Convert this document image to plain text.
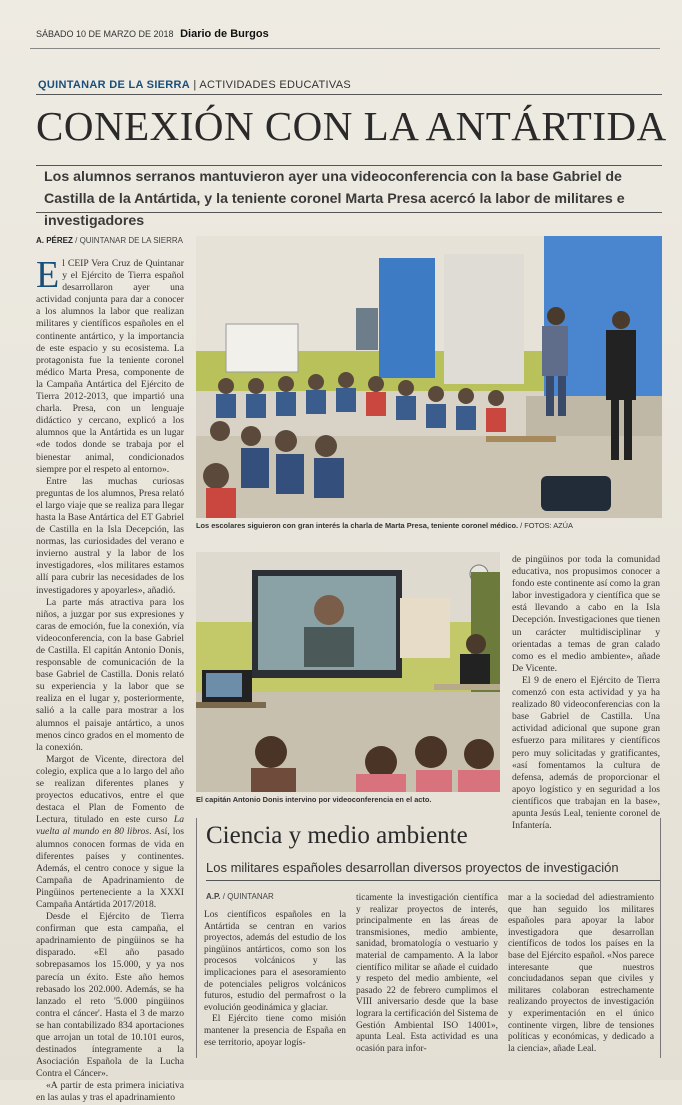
SÁBADO 10 DE MARZO DE 2018 Diario de Burgos
QUINTANAR DE LA SIERRA | ACTIVIDADES EDUCATIVAS
CONEXIÓN CON LA ANTÁRTIDA
Los alumnos serranos mantuvieron ayer una videoconferencia con la base Gabriel de Castilla de la Antártida, y la teniente coronel Marta Presa acercó la labor de militares e investigadores
A. PÉREZ / QUINTANAR DE LA SIERRA

El CEIP Vera Cruz de Quintanar y el Ejército de Tierra español desarrollaron ayer una actividad conjunta para dar a conocer a los alumnos la labor que realizan militares y científicos españoles en el continente antártico, y la importancia de este espacio y su ecosistema. La protagonista fue la teniente coronel médico Marta Presa, componente de la Campaña Antártica del Ejército de Tierra 2012-2013, que impartió una charla. Presa, con un lenguaje didáctico y cercano, explicó a los alumnos que la Antártida es un lugar «de todos donde se trabaja por el bienestar animal, condicionados siempre por el respeto al entorno».

Entre las muchas curiosas preguntas de los alumnos, Presa relató el largo viaje que se realiza para llegar hasta la Base Antártica del ET Gabriel de Castilla en la Isla Decepción, las normas, las curiosidades del verano e invierno austral y la labor de los investigadores, «los militares estamos allí para cubrir las necesidades de los investigadores y apoyarles», añadió.

La parte más atractiva para los niños, a juzgar por sus expresiones y caras de emoción, fue la conexión, vía videoconferencia, con la base Gabriel de Castilla. El capitán Antonio Donis, responsable de comunicación de la base Gabriel de Castilla. Donis relató su experiencia y la labor que se realiza en el lugar y, posteriormente, salió a la calle para mostrar a los alumnos el paisaje antártico, a unos menos cinco grados en el momento de la conexión.

Margot de Vicente, directora del colegio, explica que a lo largo del año se realizan diferentes planes y proyectos educativos, entre el que destaca el Plan de Fomento de Lectura, titulado en este curso La vuelta al mundo en 80 libros. Así, los alumnos conocen formas de vida en diferentes países y continentes. Además, el centro conoce y sigue la Campaña de Apadrinamiento de Pingüinos perteneciente a la XXXI Campaña Antártida 2017/2018.

Desde el Ejército de Tierra confirman que esta campaña, el apadrinamiento de pingüinos se ha disparado. «El año pasado sobrepasamos los 15.000, y ya nos parecía un éxito. Este año hemos rebasado los 202.000. Además, se ha lanzado el reto '5.000 pingüinos contra el cáncer'. Hasta el 3 de marzo se han contabilizado 834 aportaciones que arrojan un total de 10.101 euros, destinados íntegramente a la Asociación Española de la Lucha Contra el Cáncer».

«A partir de esta primera iniciativa en las aulas y tras el apadrinamiento

Los escolares siguieron con gran interés la charla de Marta Presa, teniente coronel médico. / FOTOS: AZÚA
El capitán Antonio Donis intervino por videoconferencia en el acto.

de pingüinos por toda la comunidad educativa, nos propusimos conocer a fondo este continente así como la gran labor investigadora y científica que se está llevando a cabo en la Isla Decepción. Investigaciones que tienen un carácter multidisciplinar y orientadas a temas de gran calado como es el medio ambiente», añade De Vicente.

El 9 de enero el Ejército de Tierra comenzó con esta actividad y ya ha realizado 80 videoconferencias con la base Gabriel de Castilla. Una actividad adicional que supone gran esfuerzo para militares y científicos pero muy solicitadas y gratificantes, «así fomentamos la cultura de defensa, además de proporcionar el apoyo logístico y en seguridad a los científicos que trabajan en la base», apunta Jesús Leal, teniente coronel de Infantería.

Ciencia y medio ambiente
Los militares españoles desarrollan diversos proyectos de investigación
A.P. / QUINTANAR

Los científicos españoles en la Antártida se centran en varios proyectos, además del estudio de los pingüinos antárticos, como son los procesos volcánicos y las implicaciones para el asesoramiento de potenciales peligros volcánicos futuros, estudio del permafrost o la evolución geodinámica y glaciar.

El Ejército tiene como misión mantener la presencia de España en ese territorio, apoyar logís-

ticamente la investigación científica y realizar proyectos de interés, principalmente en las áreas de transmisiones, medio ambiente, sanidad, bromatología o vestuario y material de campamento. A la labor científico militar se añade el cuidado y respeto del medio ambiente, «el pasado 22 de febrero cumplimos el VIII aniversario desde que la base lograra la certificación del Sistema de Gestión Ambiental ISO 14001», apunta Leal. Esta actividad es una ocasión para infor-

mar a la sociedad del adiestramiento que han seguido los militares españoles para apoyar la labor investigadora que desarrollan científicos de todos los países en la base del Ejército español. «Nos parece interesante que nuestros conciudadanos sepan que civiles y militares colaboran estrechamente realizando proyectos de investigación y experimentación en el único continente virgen, libre de tensiones políticas y económicas, y dedicado a la ciencia», añade Leal.
